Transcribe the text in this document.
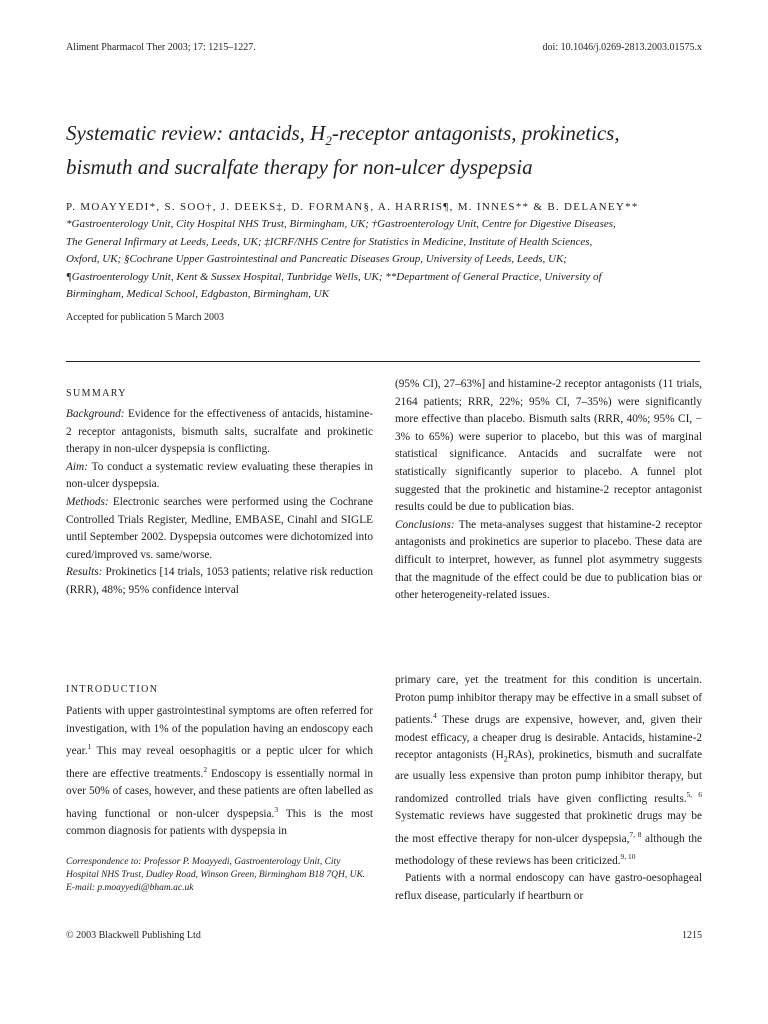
Aliment Pharmacol Ther 2003; 17: 1215–1227.	doi: 10.1046/j.0269-2813.2003.01575.x
Systematic review: antacids, $H_2$-receptor antagonists, prokinetics,
bismuth and sucralfate therapy for non-ulcer dyspepsia
P. MOAYYEDI*, S. SOO†, J. DEEKS‡, D. FORMAN§, A. HARRIS¶, M. INNES** & B. DELANEY**
*Gastroenterology Unit, City Hospital NHS Trust, Birmingham, UK; †Gastroenterology Unit, Centre for Digestive Diseases,
The General Infirmary at Leeds, Leeds, UK; ‡ICRF/NHS Centre for Statistics in Medicine, Institute of Health Sciences,
Oxford, UK; §Cochrane Upper Gastrointestinal and Pancreatic Diseases Group, University of Leeds, Leeds, UK;
¶Gastroenterology Unit, Kent & Sussex Hospital, Tunbridge Wells, UK; **Department of General Practice, University of
Birmingham, Medical School, Edgbaston, Birmingham, UK
Accepted for publication 5 March 2003
SUMMARY
Background: Evidence for the effectiveness of antacids, histamine-2 receptor antagonists, bismuth salts, sucralfate and prokinetic therapy in non-ulcer dyspepsia is conflicting.
Aim: To conduct a systematic review evaluating these therapies in non-ulcer dyspepsia.
Methods: Electronic searches were performed using the Cochrane Controlled Trials Register, Medline, EMBASE, Cinahl and SIGLE until September 2002. Dyspepsia outcomes were dichotomized into cured/improved vs. same/worse.
Results: Prokinetics [14 trials, 1053 patients; relative risk reduction (RRR), 48%; 95% confidence interval
(95% CI), 27–63%] and histamine-2 receptor antagonists (11 trials, 2164 patients; RRR, 22%; 95% CI, 7–35%) were significantly more effective than placebo. Bismuth salts (RRR, 40%; 95% CI, − 3% to 65%) were superior to placebo, but this was of marginal statistical significance. Antacids and sucralfate were not statistically significantly superior to placebo. A funnel plot suggested that the prokinetic and histamine-2 receptor antagonist results could be due to publication bias.
Conclusions: The meta-analyses suggest that histamine-2 receptor antagonists and prokinetics are superior to placebo. These data are difficult to interpret, however, as funnel plot asymmetry suggests that the magnitude of the effect could be due to publication bias or other heterogeneity-related issues.
INTRODUCTION
Patients with upper gastrointestinal symptoms are often referred for investigation, with 1% of the population having an endoscopy each year.$^1$ This may reveal oesophagitis or a peptic ulcer for which there are effective treatments.$^2$ Endoscopy is essentially normal in over 50% of cases, however, and these patients are often labelled as having functional or non-ulcer dyspepsia.$^3$ This is the most common diagnosis for patients with dyspepsia in
Correspondence to: Professor P. Moayyedi, Gastroenterology Unit, City Hospital NHS Trust, Dudley Road, Winson Green, Birmingham B18 7QH, UK.
E-mail: p.moayyedi@bham.ac.uk
primary care, yet the treatment for this condition is uncertain. Proton pump inhibitor therapy may be effective in a small subset of patients.$^4$ These drugs are expensive, however, and, given their modest efficacy, a cheaper drug is desirable. Antacids, histamine-2 receptor antagonists $(H_2RAs)$, prokinetics, bismuth and sucralfate are usually less expensive than proton pump inhibitor therapy, but randomized controlled trials have given conflicting results.$^{5, 6}$ Systematic reviews have suggested that prokinetic drugs may be the most effective therapy for non-ulcer dyspepsia,$^{7, 8}$ although the methodology of these reviews has been criticized.$^{9, 10}$
Patients with a normal endoscopy can have gastro-oesophageal reflux disease, particularly if heartburn or
© 2003 Blackwell Publishing Ltd	1215
